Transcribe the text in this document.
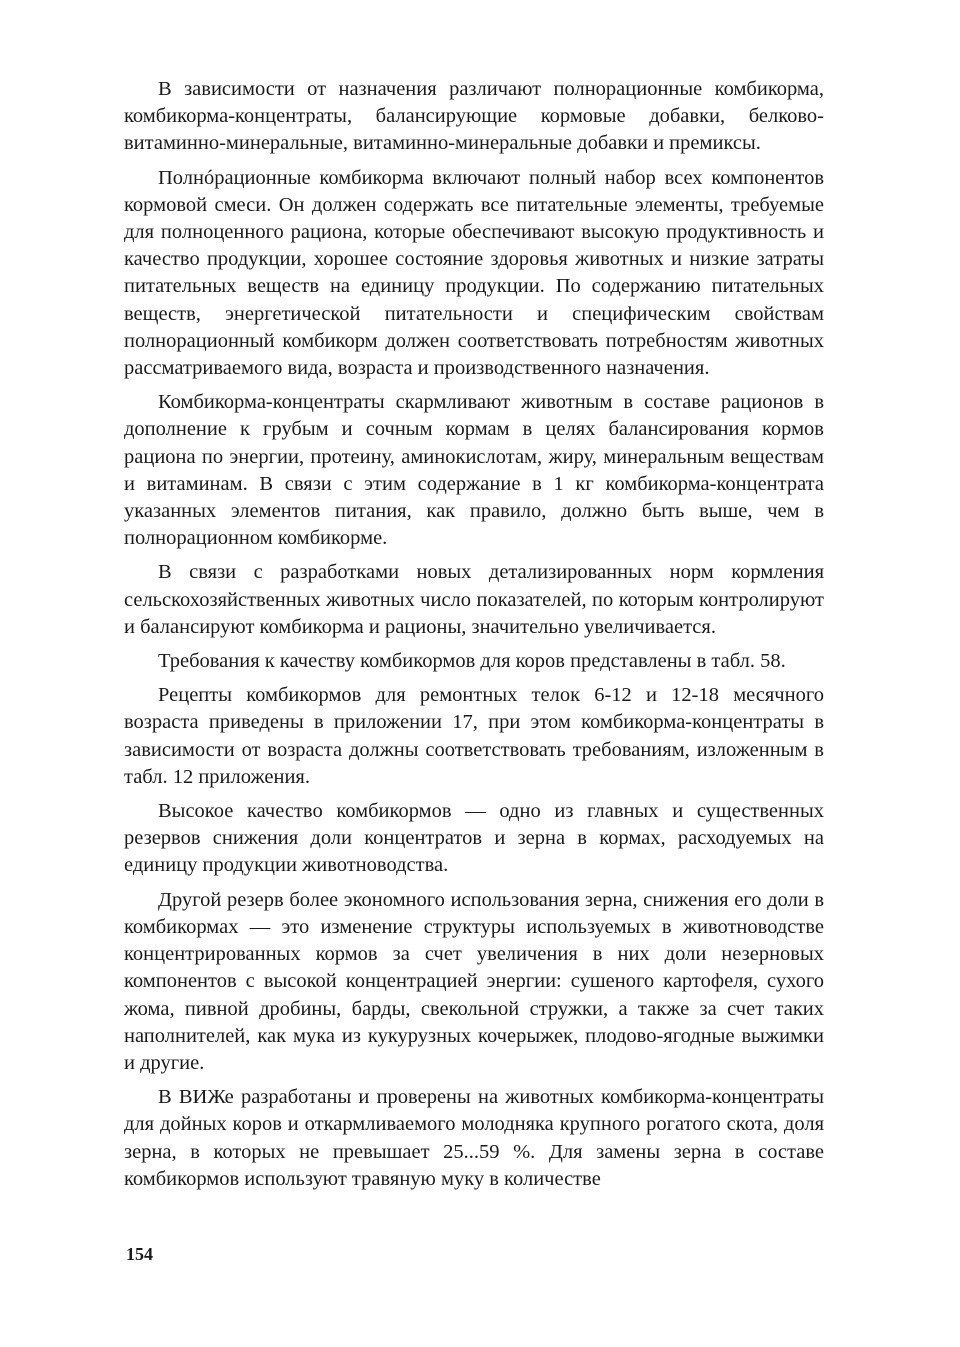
В зависимости от назначения различают полнорационные комбикорма, комбикорма-концентраты, балансирующие кормовые добавки, белково-витаминно-минеральные, витаминно-минеральные добавки и премиксы.

Полнóрационные комбикорма включают полный набор всех компонентов кормовой смеси. Он должен содержать все питательные элементы, требуемые для полноценного рациона, которые обеспечивают высокую продуктивность и качество продукции, хорошее состояние здоровья животных и низкие затраты питательных веществ на единицу продукции. По содержанию питательных веществ, энергетической питательности и специфическим свойствам полнорационный комбикорм должен соответствовать потребностям животных рассматриваемого вида, возраста и производственного назначения.

Комбикорма-концентраты скармливают животным в составе рационов в дополнение к грубым и сочным кормам в целях балансирования кормов рациона по энергии, протеину, аминокислотам, жиру, минеральным веществам и витаминам. В связи с этим содержание в 1 кг комбикорма-концентрата указанных элементов питания, как правило, должно быть выше, чем в полнорационном комбикорме.

В связи с разработками новых детализированных норм кормления сельскохозяйственных животных число показателей, по которым контролируют и балансируют комбикорма и рационы, значительно увеличивается.

Требования к качеству комбикормов для коров представлены в табл. 58.

Рецепты комбикормов для ремонтных телок 6-12 и 12-18 месячного возраста приведены в приложении 17, при этом комбикорма-концентраты в зависимости от возраста должны соответствовать требованиям, изложенным в табл. 12 приложения.

Высокое качество комбикормов — одно из главных и существенных резервов снижения доли концентратов и зерна в кормах, расходуемых на единицу продукции животноводства.

Другой резерв более экономного использования зерна, снижения его доли в комбикормах — это изменение структуры используемых в животноводстве концентрированных кормов за счет увеличения в них доли незерновых компонентов с высокой концентрацией энергии: сушеного картофеля, сухого жома, пивной дробины, барды, свекольной стружки, а также за счет таких наполнителей, как мука из кукурузных кочерыжек, плодово-ягодные выжимки и другие.

В ВИЖе разработаны и проверены на животных комбикорма-концентраты для дойных коров и откармливаемого молодняка крупного рогатого скота, доля зерна, в которых не превышает 25...59 %. Для замены зерна в составе комбикормов используют травяную муку в количестве

154
